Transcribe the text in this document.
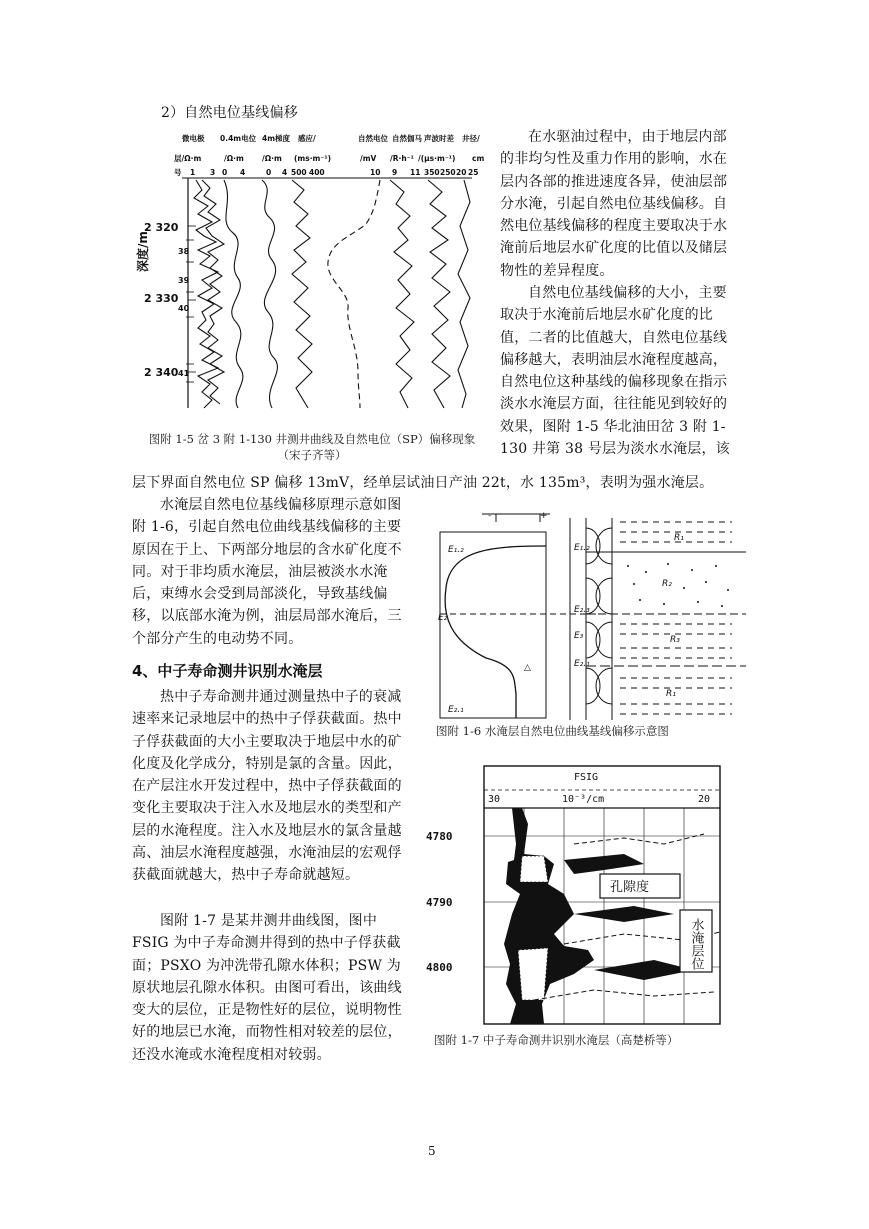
2）自然电位基线偏移
微电极 0.4m电位 4m梯度 感应/	自然电位 自然伽马 声波时差 井径/
层/Ω·m	/Ω·m /Ω·m (ms·m⁻¹)	/mV /R·h⁻¹ /(μs·m⁻¹) cm
号 1 3 0 4	0 4 500 400	10 9 11 350 250 20 25
2 320
2 330
2 340
深度/m	38
39
40
41
图附 1-5 岔 3 附 1-130 井测井曲线及自然电位（SP）偏移现象
（宋子齐等）
在水驱油过程中，由于地层内部的非均匀性及重力作用的影响，水在层内各部的推进速度各异，使油层部分水淹，引起自然电位基线偏移。自然电位基线偏移的程度主要取决于水淹前后地层水矿化度的比值以及储层物性的差异程度。
自然电位基线偏移的大小，主要取决于水淹前后地层水矿化度的比值，二者的比值越大，自然电位基线偏移越大，表明油层水淹程度越高，自然电位这种基线的偏移现象在指示淡水水淹层方面，往往能见到较好的效果，图附 1-5 华北油田岔 3 附 1-130 井第 38 号层为淡水水淹层，该
层下界面自然电位 SP 偏移 13mV，经单层试油日产油 22t，水 135m³，表明为强水淹层。
水淹层自然电位基线偏移原理示意如图附 1-6，引起自然电位曲线基线偏移的主要原因在于上、下两部分地层的含水矿化度不同。对于非均质水淹层，油层被淡水水淹后，束缚水会受到局部淡化，导致基线偏移，以底部水淹为例，油层局部水淹后，三个部分产生的电动势不同。
4、中子寿命测井识别水淹层
热中子寿命测井通过测量热中子的衰减速率来记录地层中的热中子俘获截面。热中子俘获截面的大小主要取决于地层中水的矿化度及化学成分，特别是氯的含量。因此，在产层注水开发过程中，热中子俘获截面的变化主要取决于注入水及地层水的类型和产层的水淹程度。注入水及地层水的氯含量越高、油层水淹程度越强，水淹油层的宏观俘获截面就越大，热中子寿命就越短。
图附 1-7 是某井测井曲线图，图中 FSIG 为中子寿命测井得到的热中子俘获截面；PSXO 为冲洗带孔隙水体积；PSW 为原状地层孔隙水体积。由图可看出，该曲线变大的层位，正是物性好的层位，说明物性好的地层已水淹，而物性相对较差的层位，还没水淹或水淹程度相对较弱。
-	+
E₁.₂
E₂
E₂.₁
E₁.₂
E₂.₃
E₃
E₂.₁
R₁
R₂
R₃
R₁
△
图附 1-6 水淹层自然电位曲线基线偏移示意图
FSIG
10⁻³/cm
30	20
4780
4790
4800
孔隙度
水淹层位
图附 1-7 中子寿命测井识别水淹层（高楚桥等）
5
